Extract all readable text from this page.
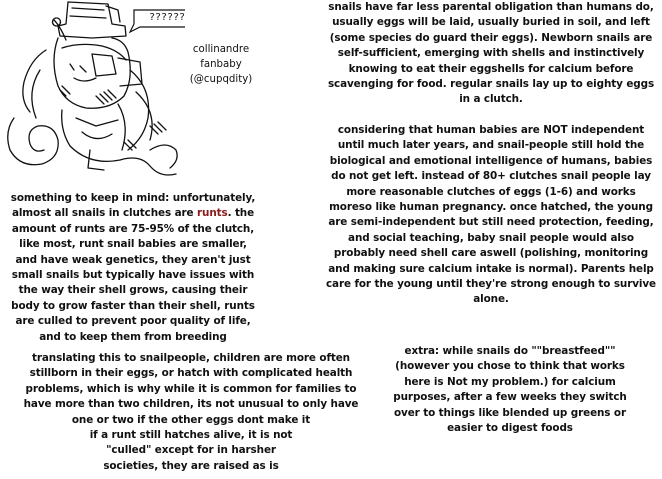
??????
collinandre
fanbaby
(@cupqdity)
snails have far less parental obligation than humans do,
usually eggs will be laid, usually buried in soil, and left
(some species do guard their eggs). Newborn snails are
self-sufficient, emerging with shells and instinctively
knowing to eat their eggshells for calcium before
scavenging for food. regular snails lay up to eighty eggs
in a clutch.
considering that human babies are NOT independent
until much later years, and snail-people still hold the
biological and emotional intelligence of humans, babies
do not get left. instead of 80+ clutches snail people lay
more reasonable clutches of eggs (1-6) and works
moreso like human pregnancy. once hatched, the young
are semi-independent but still need protection, feeding,
and social teaching, baby snail people would also
probably need shell care aswell (polishing, monitoring
and making sure calcium intake is normal). Parents help
care for the young until they're strong enough to survive
alone.
something to keep in mind: unfortunately,
almost all snails in clutches are runts. the
amount of runts are 75-95% of the clutch,
like most, runt snail babies are smaller,
and have weak genetics, they aren't just
small snails but typically have issues with
the way their shell grows, causing their
body to grow faster than their shell, runts
are culled to prevent poor quality of life,
and to keep them from breeding
translating this to snailpeople, children are more often
stillborn in their eggs, or hatch with complicated health
problems, which is why while it is common for families to
have more than two children, its not unusual to only have
one or two if the other eggs dont make it
if a runt still hatches alive, it is not
"culled" except for in harsher
societies, they are raised as is
extra: while snails do ""breastfeed""
(however you chose to think that works
here is Not my problem.) for calcium
purposes, after a few weeks they switch
over to things like blended up greens or
easier to digest foods
